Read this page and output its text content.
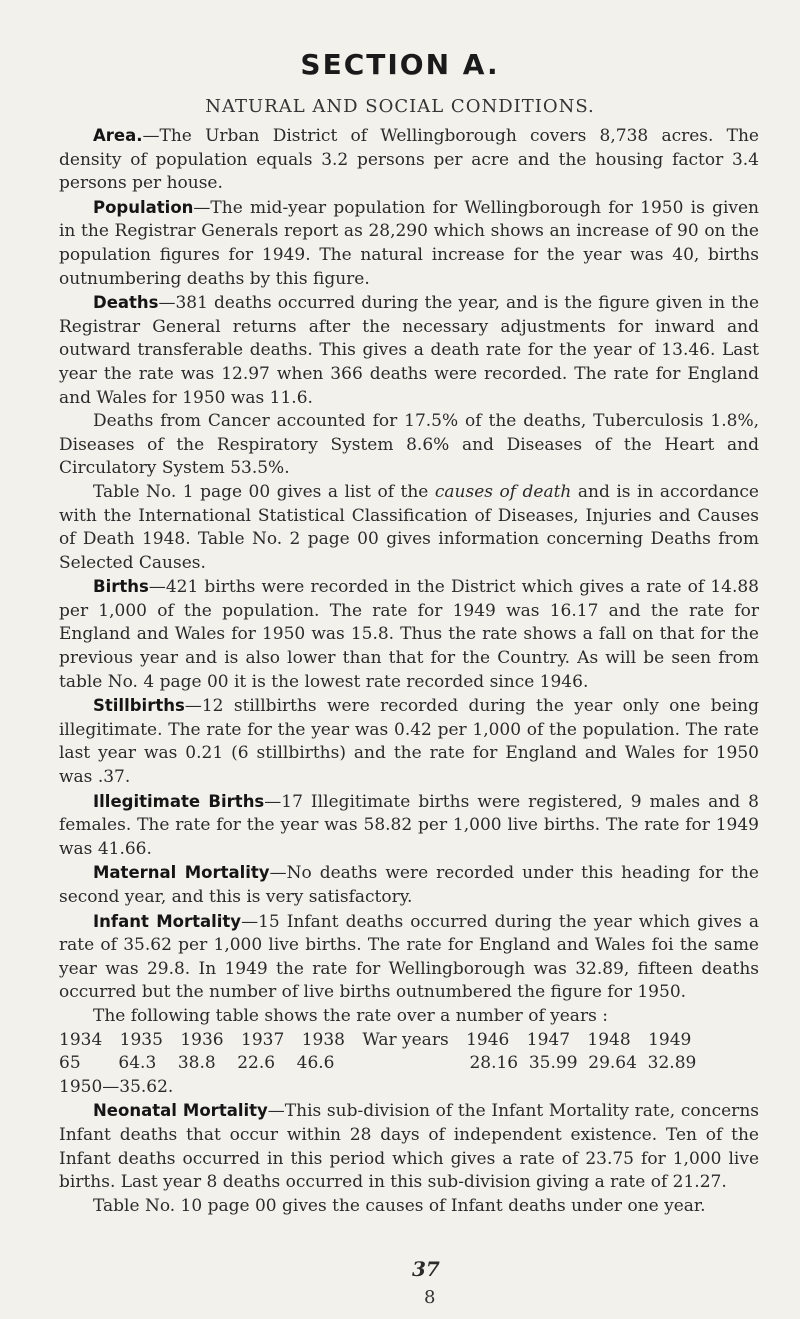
SECTION A.
NATURAL AND SOCIAL CONDITIONS.

Area.—The Urban District of Wellingborough covers 8,738 acres. The density of population equals 3.2 persons per acre and the housing factor 3.4 persons per house.

Population—The mid-year population for Wellingborough for 1950 is given in the Registrar Generals report as 28,290 which shows an increase of 90 on the population figures for 1949. The natural increase for the year was 40, births outnumbering deaths by this figure.

Deaths—381 deaths occurred during the year, and is the figure given in the Registrar General returns after the necessary adjustments for inward and outward transferable deaths. This gives a death rate for the year of 13.46. Last year the rate was 12.97 when 366 deaths were recorded. The rate for England and Wales for 1950 was 11.6.

Deaths from Cancer accounted for 17.5% of the deaths, Tuberculosis 1.8%, Diseases of the Respiratory System 8.6% and Diseases of the Heart and Circulatory System 53.5%.

Table No. 1 page 00 gives a list of the causes of death and is in accordance with the International Statistical Classification of Diseases, Injuries and Causes of Death 1948. Table No. 2 page 00 gives information concerning Deaths from Selected Causes.

Births—421 births were recorded in the District which gives a rate of 14.88 per 1,000 of the population. The rate for 1949 was 16.17 and the rate for England and Wales for 1950 was 15.8. Thus the rate shows a fall on that for the previous year and is also lower than that for the Country. As will be seen from table No. 4 page 00 it is the lowest rate recorded since 1946.

Stillbirths—12 stillbirths were recorded during the year only one being illegitimate. The rate for the year was 0.42 per 1,000 of the population. The rate last year was 0.21 (6 stillbirths) and the rate for England and Wales for 1950 was .37.

Illegitimate Births—17 Illegitimate births were registered, 9 males and 8 females. The rate for the year was 58.82 per 1,000 live births. The rate for 1949 was 41.66.

Maternal Mortality—No deaths were recorded under this heading for the second year, and this is very satisfactory.

Infant Mortality—15 Infant deaths occurred during the year which gives a rate of 35.62 per 1,000 live births. The rate for England and Wales foi the same year was 29.8. In 1949 the rate for Wellingborough was 32.89, fifteen deaths occurred but the number of live births outnumbered the figure for 1950.

The following table shows the rate over a number of years :

1934 1935 1936 1937 1938 War years 1946 1947 1948 1949
65 64.3 38.8 22.6 46.6	28.16 35.99 29.64 32.89

1950—35.62.

Neonatal Mortality—This sub-division of the Infant Mortality rate, concerns Infant deaths that occur within 28 days of independent existence. Ten of the Infant deaths occurred in this period which gives a rate of 23.75 for 1,000 live births. Last year 8 deaths occurred in this sub-division giving a rate of 21.27.

Table No. 10 page 00 gives the causes of Infant deaths under one year.

37
8
